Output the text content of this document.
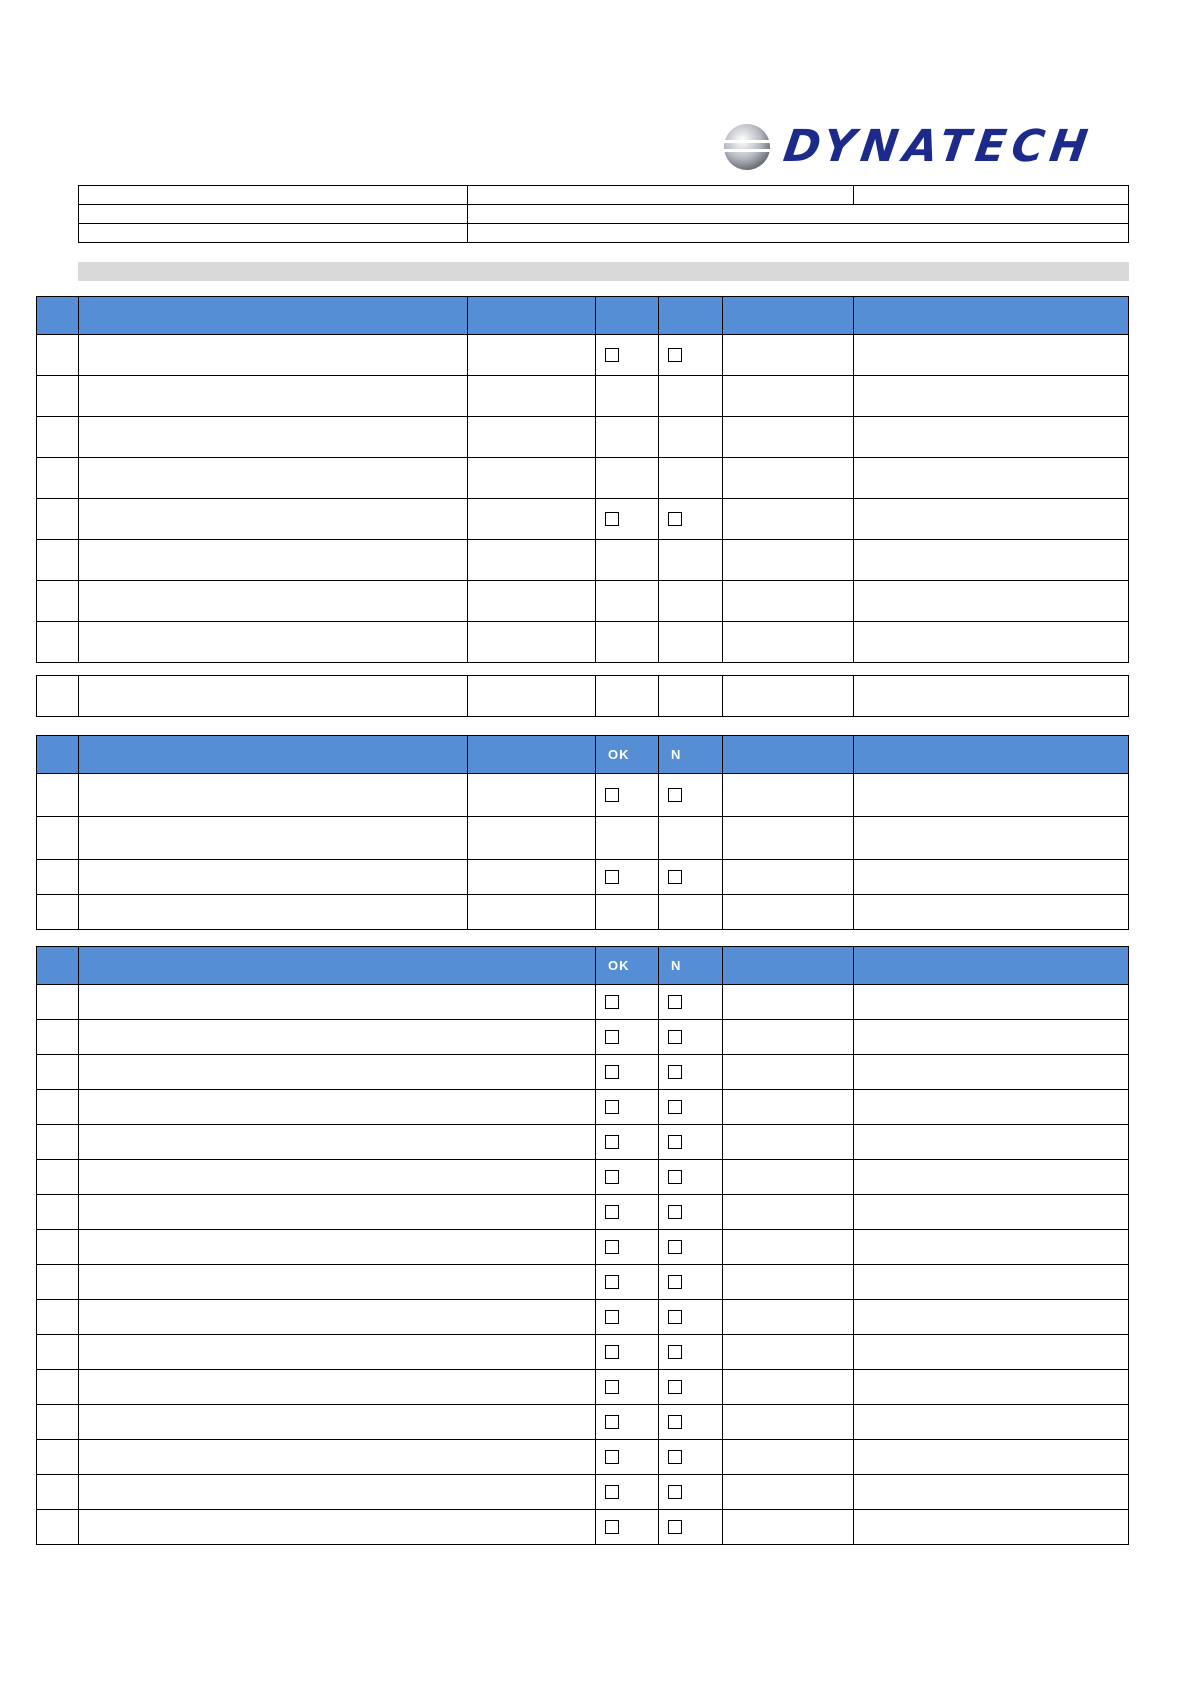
DYNATECH

			OK	N		

		OK	N		
